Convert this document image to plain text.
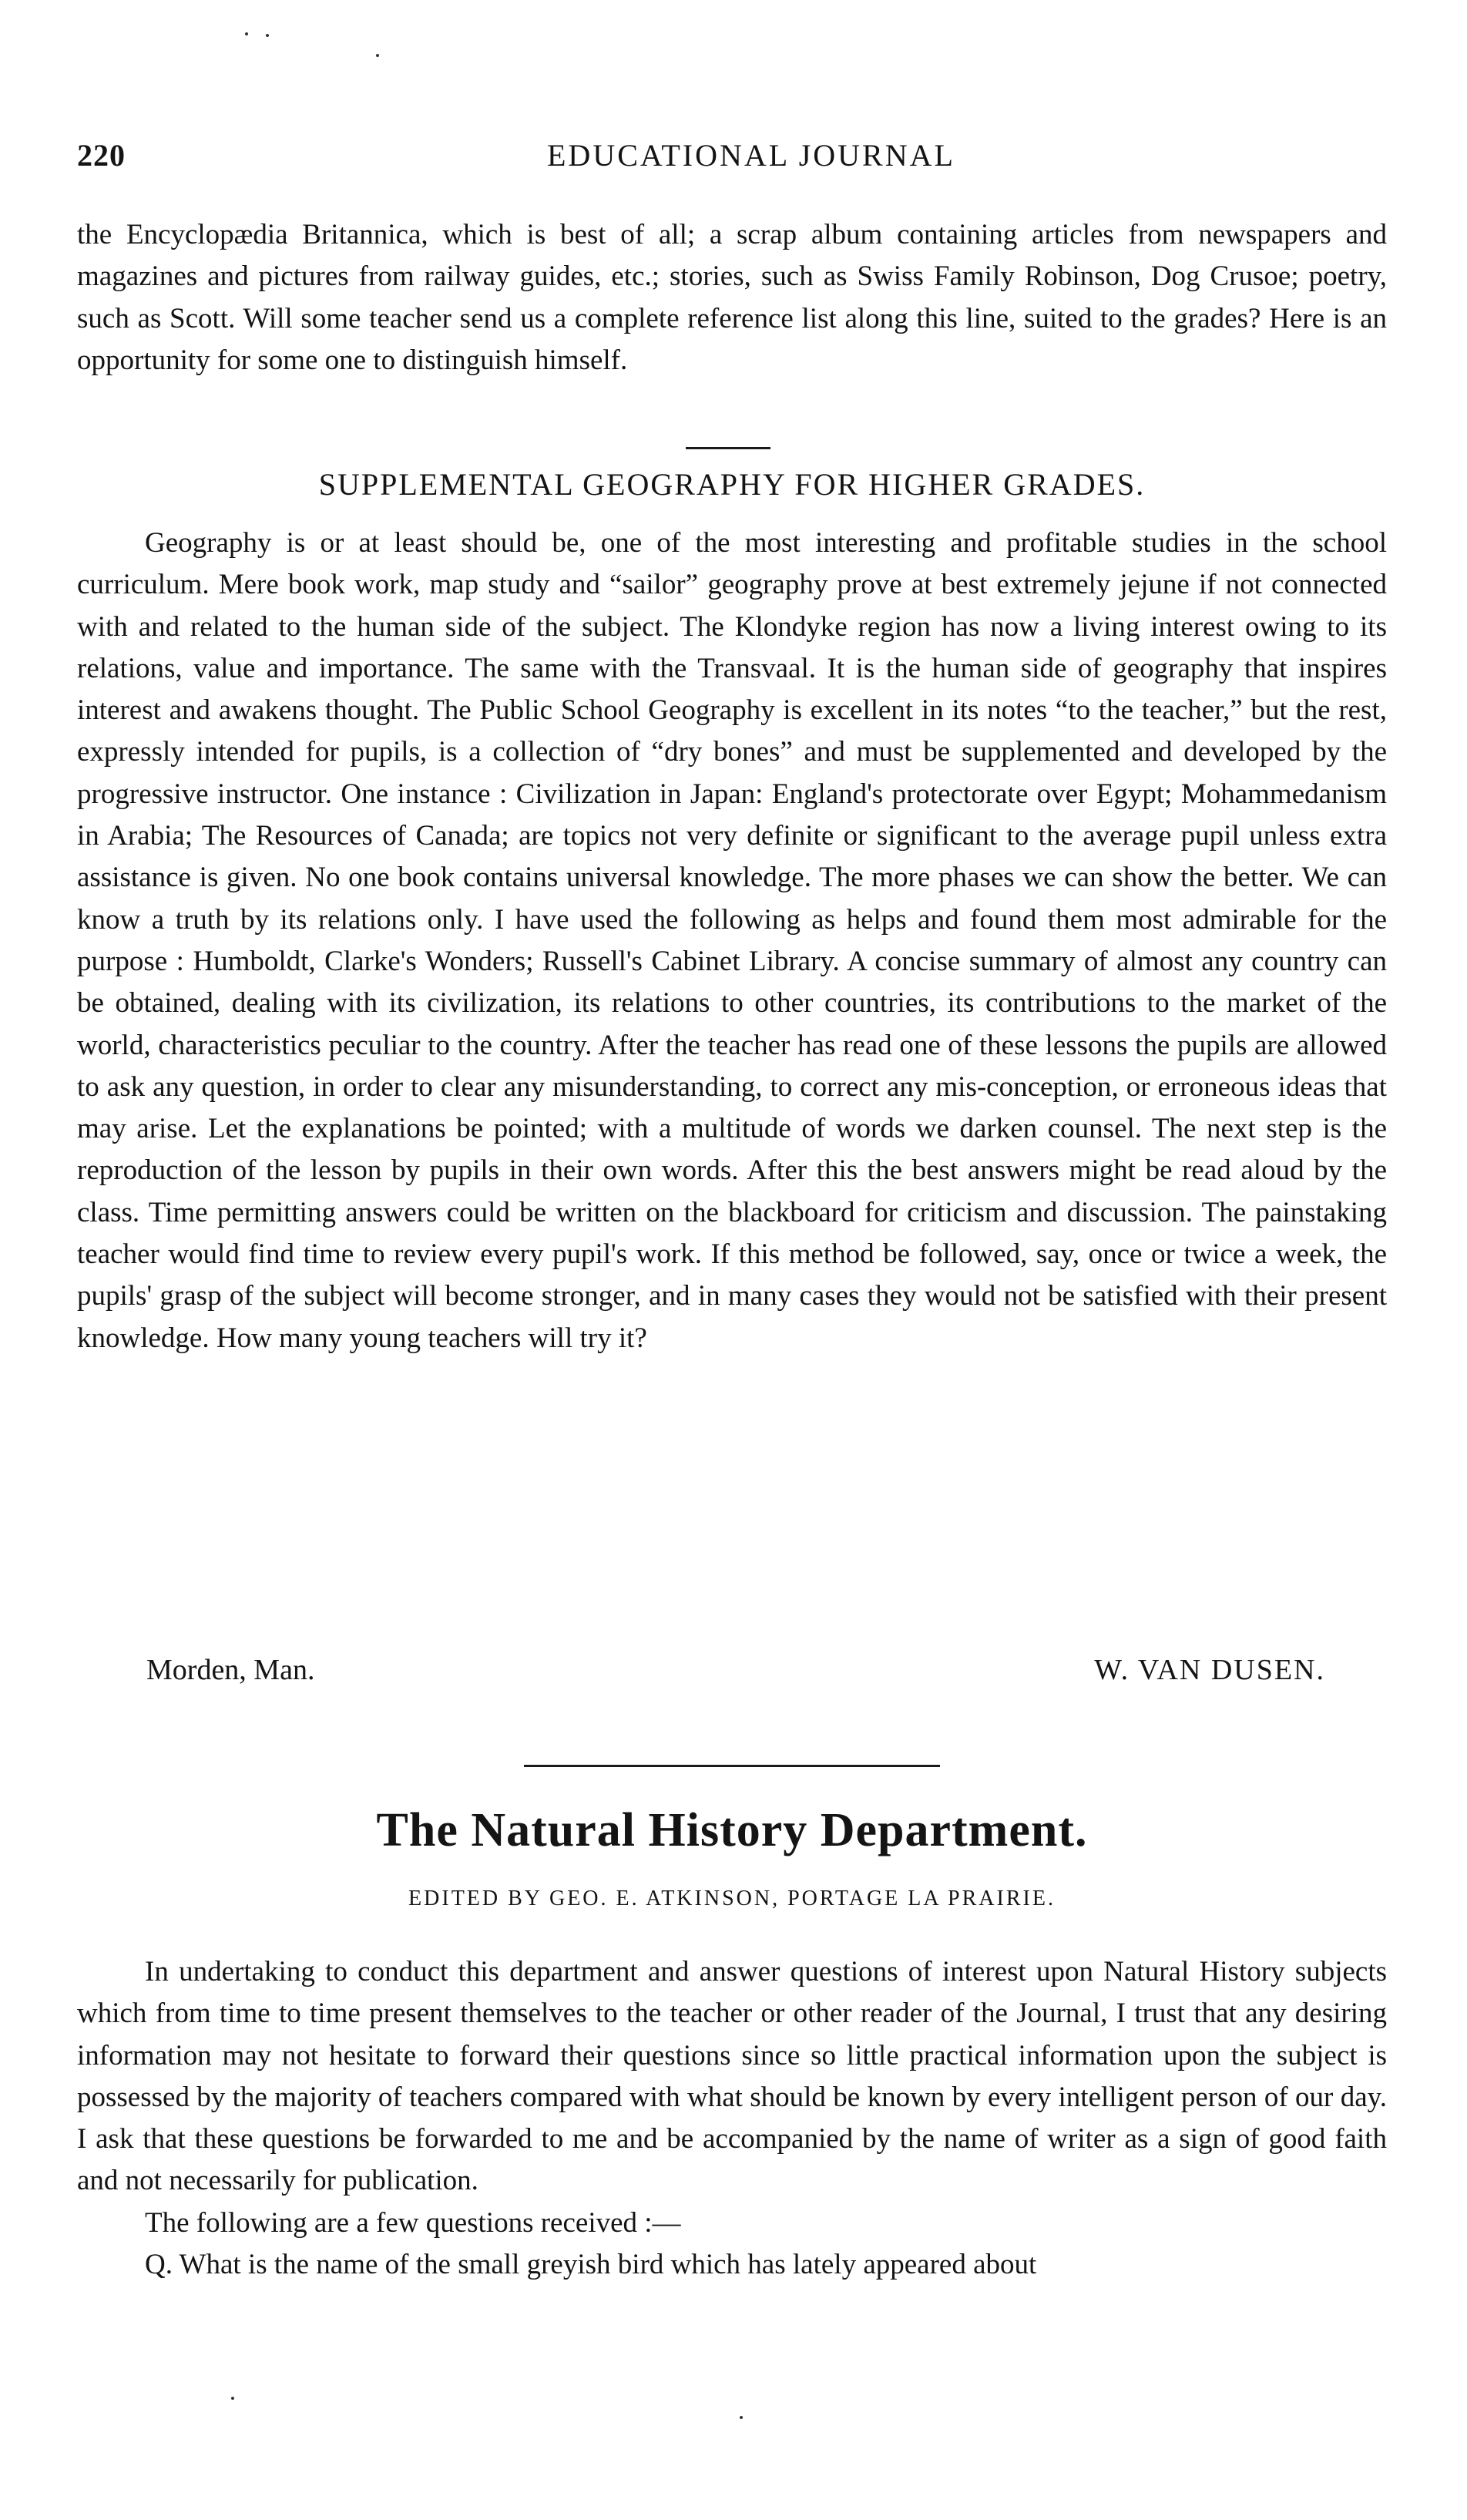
220	EDUCATIONAL JOURNAL

the Encyclopædia Britannica, which is best of all; a scrap album containing articles from newspapers and magazines and pictures from railway guides, etc.; stories, such as Swiss Family Robinson, Dog Crusoe; poetry, such as Scott. Will some teacher send us a complete reference list along this line, suited to the grades? Here is an opportunity for some one to distinguish himself.

SUPPLEMENTAL GEOGRAPHY FOR HIGHER GRADES.

Geography is or at least should be, one of the most interesting and profitable studies in the school curriculum. Mere book work, map study and “sailor” geography prove at best extremely jejune if not connected with and related to the human side of the subject. The Klondyke region has now a living interest owing to its relations, value and importance. The same with the Transvaal. It is the human side of geography that inspires interest and awakens thought. The Public School Geography is excellent in its notes “to the teacher,” but the rest, expressly intended for pupils, is a collection of “dry bones” and must be supplemented and developed by the progressive instructor. One instance : Civilization in Japan: England's protectorate over Egypt; Mohammedanism in Arabia; The Resources of Canada; are topics not very definite or significant to the average pupil unless extra assistance is given. No one book contains universal knowledge. The more phases we can show the better. We can know a truth by its relations only. I have used the following as helps and found them most admirable for the purpose : Humboldt, Clarke's Wonders; Russell's Cabinet Library. A concise summary of almost any country can be obtained, dealing with its civilization, its relations to other countries, its contributions to the market of the world, characteristics peculiar to the country. After the teacher has read one of these lessons the pupils are allowed to ask any question, in order to clear any misunderstanding, to correct any mis-conception, or erroneous ideas that may arise. Let the explanations be pointed; with a multitude of words we darken counsel. The next step is the reproduction of the lesson by pupils in their own words. After this the best answers might be read aloud by the class. Time permitting answers could be written on the blackboard for criticism and discussion. The painstaking teacher would find time to review every pupil's work. If this method be followed, say, once or twice a week, the pupils' grasp of the subject will become stronger, and in many cases they would not be satisfied with their present knowledge. How many young teachers will try it?

Morden, Man.	W. VAN DUSEN.
The Natural History Department.
EDITED BY GEO. E. ATKINSON, PORTAGE LA PRAIRIE.

In undertaking to conduct this department and answer questions of interest upon Natural History subjects which from time to time present themselves to the teacher or other reader of the Journal, I trust that any desiring information may not hesitate to forward their questions since so little practical information upon the subject is possessed by the majority of teachers compared with what should be known by every intelligent person of our day. I ask that these questions be forwarded to me and be accompanied by the name of writer as a sign of good faith and not necessarily for publication.

The following are a few questions received :—

Q. What is the name of the small greyish bird which has lately appeared about
